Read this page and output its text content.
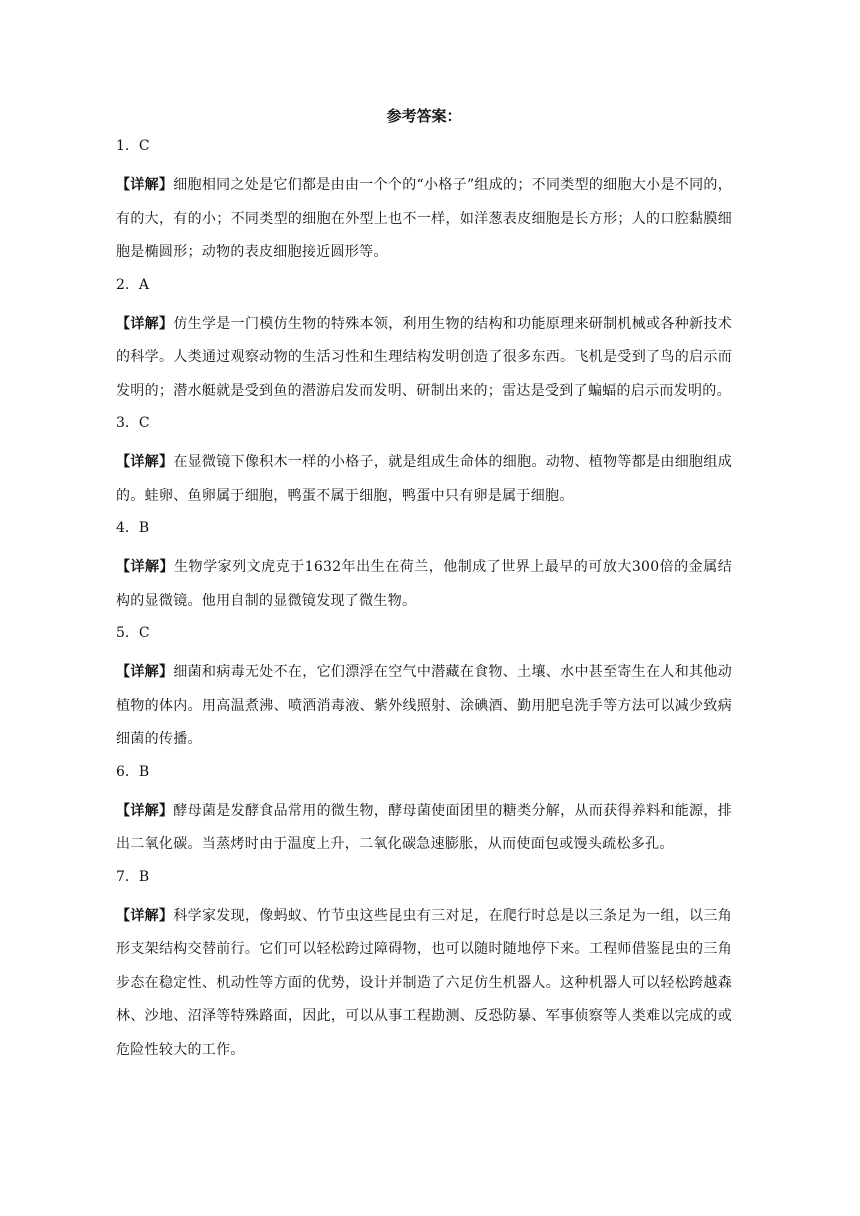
参考答案：
1．C
【详解】细胞相同之处是它们都是由由一个个的“小格子”组成的；不同类型的细胞大小是不同的，有的大，有的小；不同类型的细胞在外型上也不一样，如洋葱表皮细胞是长方形；人的口腔黏膜细胞是椭圆形；动物的表皮细胞接近圆形等。
2．A
【详解】仿生学是一门模仿生物的特殊本领，利用生物的结构和功能原理来研制机械或各种新技术的科学。人类通过观察动物的生活习性和生理结构发明创造了很多东西。飞机是受到了鸟的启示而发明的；潜水艇就是受到鱼的潜游启发而发明、研制出来的；雷达是受到了蝙蝠的启示而发明的。
3．C
【详解】在显微镜下像积木一样的小格子，就是组成生命体的细胞。动物、植物等都是由细胞组成的。蛙卵、鱼卵属于细胞，鸭蛋不属于细胞，鸭蛋中只有卵是属于细胞。
4．B
【详解】生物学家列文虎克于1632年出生在荷兰，他制成了世界上最早的可放大300倍的金属结构的显微镜。他用自制的显微镜发现了微生物。
5．C
【详解】细菌和病毒无处不在，它们漂浮在空气中潜藏在食物、土壤、水中甚至寄生在人和其他动植物的体内。用高温煮沸、喷洒消毒液、紫外线照射、涂碘酒、勤用肥皂洗手等方法可以减少致病细菌的传播。
6．B
【详解】酵母菌是发酵食品常用的微生物，酵母菌使面团里的糖类分解，从而获得养料和能源，排出二氧化碳。当蒸烤时由于温度上升，二氧化碳急速膨胀，从而使面包或馒头疏松多孔。
7．B
【详解】科学家发现，像蚂蚁、竹节虫这些昆虫有三对足，在爬行时总是以三条足为一组，以三角形支架结构交替前行。它们可以轻松跨过障碍物，也可以随时随地停下来。工程师借鉴昆虫的三角步态在稳定性、机动性等方面的优势，设计并制造了六足仿生机器人。这种机器人可以轻松跨越森林、沙地、沼泽等特殊路面，因此，可以从事工程勘测、反恐防暴、军事侦察等人类难以完成的或危险性较大的工作。
